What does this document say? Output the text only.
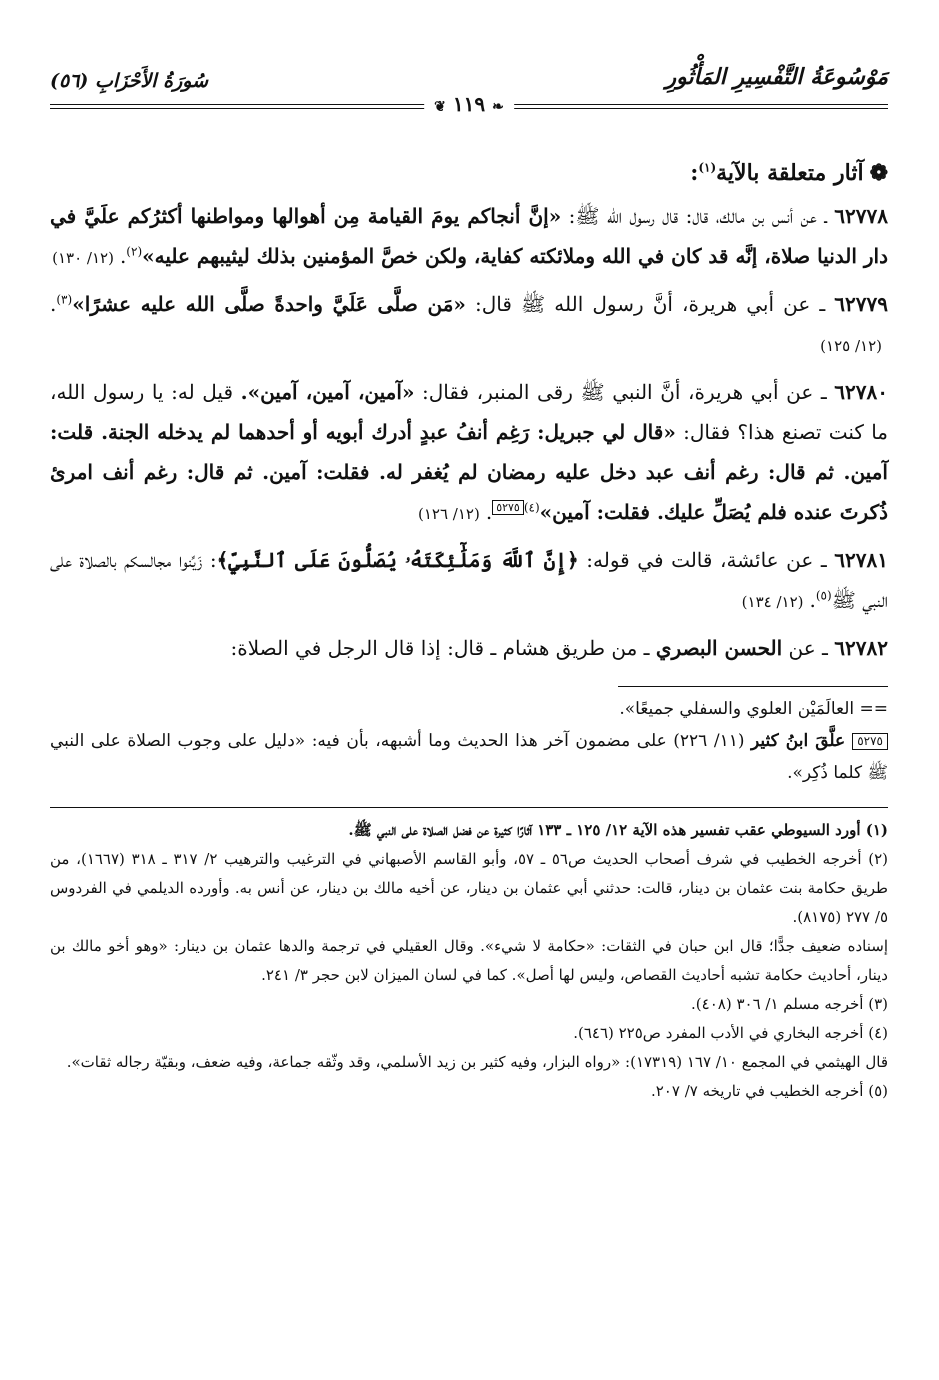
مَوْسُوعَةُ التَّفْسِيرِ المَأْثُورِ
❧ ١١٩ ❦
سُورَةُ الأَحْزَابِ (٥٦)
❁آثار متعلقة بالآية$^{(١)}$:
٦٢٧٧٨ ـ عن أنس بن مالك، قال: قال رسول الله ﷺ: «إنَّ أنجاكم يومَ القيامة مِن أهوالها ومواطنها أكثرُكم علَيَّ في دار الدنيا صلاة، إنَّه قد كان في الله وملائكته كفاية، ولكن خصَّ المؤمنين بذلك ليثيبهم عليه»$^{(٢)}$.(١٢/ ١٣٠)
٦٢٧٧٩ ـ عن أبي هريرة، أنَّ رسول الله ﷺ قال: «مَن صلَّى عَلَيَّ واحدةً صلَّى الله عليه عشرًا»$^{(٣)}$.(١٢/ ١٢٥)
٦٢٧٨٠ ـ عن أبي هريرة، أنَّ النبي ﷺ رقى المنبر، فقال: «آمين، آمين، آمين». قيل له: يا رسول الله، ما كنت تصنع هذا؟ فقال: «قال لي جبريل: رَغِم أنفُ عبدٍ أدرك أبويه أو أحدهما لم يدخله الجنة. قلت: آمين. ثم قال: رغم أنف عبد دخل عليه رمضان لم يُغفر له. فقلت: آمين. ثم قال: رغم أنف امرئ ذُكرتَ عنده فلم يُصَلِّ عليك. فقلت: آمين»$^{(٤)}$٥٢٧٥.(١٢/ ١٢٦)
٦٢٧٨١ ـ عن عائشة، قالت في قوله: ﴿إِنَّ ٱللَّهَ وَمَلَٰٓئِكَتَهُۥ يُصَلُّونَ عَلَى ٱلنَّبِيِّ﴾: زَيِّنوا مجالسكم بالصلاة على النبي ﷺ$^{(٥)}$.(١٢/ ١٣٤)
٦٢٧٨٢ ـ عن الحسن البصري ـ من طريق هشام ـ قال: إذا قال الرجل في الصلاة:
== العالَمَيْن العلوي والسفلي جميعًا».
٥٢٧٥ علَّقَ ابنُ كثير (١١/ ٢٢٦) على مضمون آخر هذا الحديث وما أشبهه، بأن فيه: «دليل على وجوب الصلاة على النبي ﷺ كلما ذُكِر».
(١) أورد السيوطي عقب تفسير هذه الآية ١٢/ ١٢٥ ـ ١٣٣ آثارًا كثيرة عن فضل الصلاة على النبي ﷺ.
(٢) أخرجه الخطيب في شرف أصحاب الحديث ص٥٦ ـ ٥٧، وأبو القاسم الأصبهاني في الترغيب والترهيب ٢/ ٣١٧ ـ ٣١٨ (١٦٦٧)، من طريق حكامة بنت عثمان بن دينار، قالت: حدثني أبي عثمان بن دينار، عن أخيه مالك بن دينار، عن أنس به. وأورده الديلمي في الفردوس ٥/ ٢٧٧ (٨١٧٥).
إسناده ضعيف جدًّا؛ قال ابن حبان في الثقات: «حكامة لا شيء». وقال العقيلي في ترجمة والدها عثمان بن دينار: «وهو أخو مالك بن دينار، أحاديث حكامة تشبه أحاديث القصاص، وليس لها أصل». كما في لسان الميزان لابن حجر ٣/ ٢٤١.
(٣) أخرجه مسلم ١/ ٣٠٦ (٤٠٨).
(٤) أخرجه البخاري في الأدب المفرد ص٢٢٥ (٦٤٦).
قال الهيثمي في المجمع ١٠/ ١٦٧ (١٧٣١٩): «رواه البزار، وفيه كثير بن زيد الأسلمي، وقد وثّقه جماعة، وفيه ضعف، وبقيّة رجاله ثقات».
(٥) أخرجه الخطيب في تاريخه ٧/ ٢٠٧.
